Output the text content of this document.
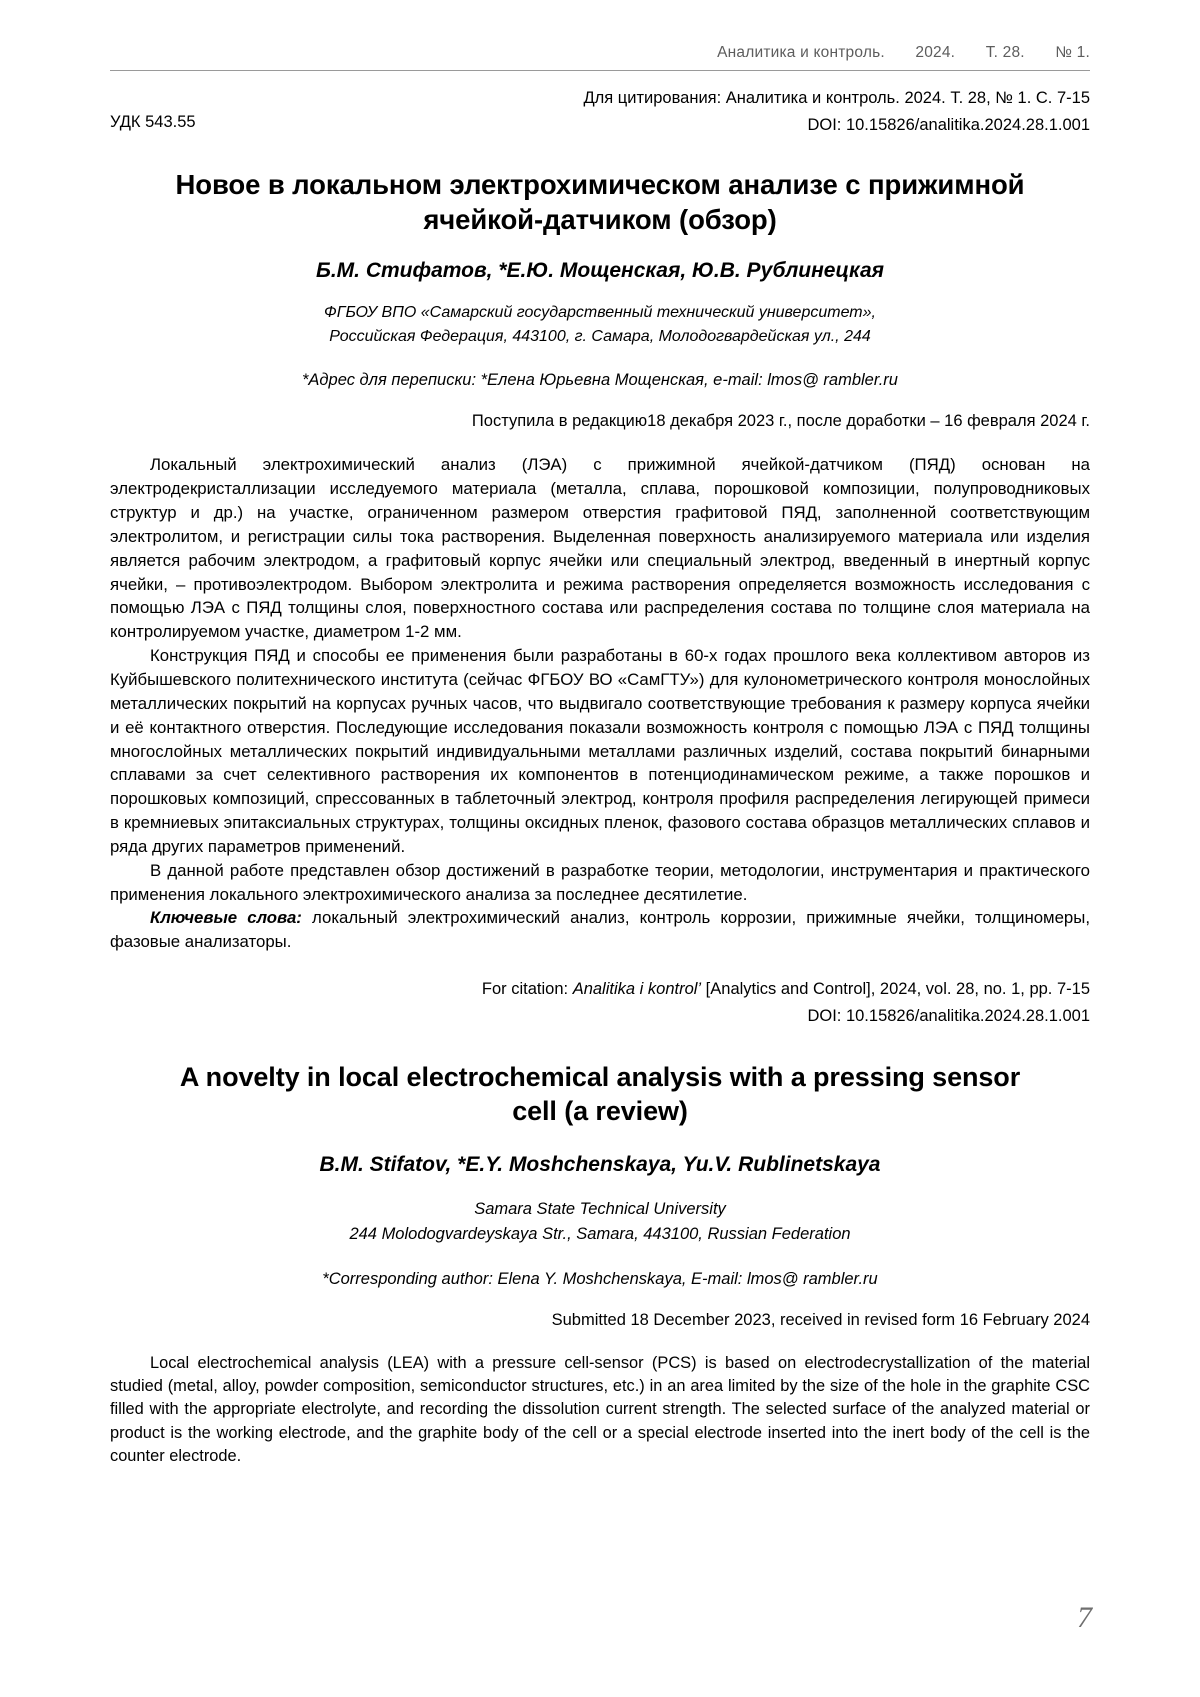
Аналитика и контроль. 2024. Т. 28. № 1.
УДК 543.55
Для цитирования: Аналитика и контроль. 2024. Т. 28, № 1. С. 7-15
DOI: 10.15826/analitika.2024.28.1.001
Новое в локальном электрохимическом анализе с прижимной ячейкой-датчиком (обзор)
Б.М. Стифатов, *Е.Ю. Мощенская, Ю.В. Рублинецкая
ФГБОУ ВПО «Самарский государственный технический университет»,
Российская Федерация, 443100, г. Самара, Молодогвардейская ул., 244
*Адрес для переписки: *Елена Юрьевна Мощенская, e-mail: lmos@ rambler.ru
Поступила в редакцию18 декабря 2023 г., после доработки – 16 февраля 2024 г.

Локальный электрохимический анализ (ЛЭА) с прижимной ячейкой-датчиком (ПЯД) основан на электродекристаллизации исследуемого материала (металла, сплава, порошковой композиции, полупроводниковых структур и др.) на участке, ограниченном размером отверстия графитовой ПЯД, заполненной соответствующим электролитом, и регистрации силы тока растворения. Выделенная поверхность анализируемого материала или изделия является рабочим электродом, а графитовый корпус ячейки или специальный электрод, введенный в инертный корпус ячейки, – противоэлектродом. Выбором электролита и режима растворения определяется возможность исследования с помощью ЛЭА с ПЯД толщины слоя, поверхностного состава или распределения состава по толщине слоя материала на контролируемом участке, диаметром 1-2 мм.

Конструкция ПЯД и способы ее применения были разработаны в 60-х годах прошлого века коллективом авторов из Куйбышевского политехнического института (сейчас ФГБОУ ВО «СамГТУ») для кулонометрического контроля монослойных металлических покрытий на корпусах ручных часов, что выдвигало соответствующие требования к размеру корпуса ячейки и её контактного отверстия. Последующие исследования показали возможность контроля с помощью ЛЭА с ПЯД толщины многослойных металлических покрытий индивидуальными металлами различных изделий, состава покрытий бинарными сплавами за счет селективного растворения их компонентов в потенциодинамическом режиме, а также порошков и порошковых композиций, спрессованных в таблеточный электрод, контроля профиля распределения легирующей примеси в кремниевых эпитаксиальных структурах, толщины оксидных пленок, фазового состава образцов металлических сплавов и ряда других параметров применений.

В данной работе представлен обзор достижений в разработке теории, методологии, инструментария и практического применения локального электрохимического анализа за последнее десятилетие.

Ключевые слова: локальный электрохимический анализ, контроль коррозии, прижимные ячейки, толщиномеры, фазовые анализаторы.

For citation: Analitika i kontrol’ [Analytics and Control], 2024, vol. 28, no. 1, pp. 7-15
DOI: 10.15826/analitika.2024.28.1.001
A novelty in local electrochemical analysis with a pressing sensor cell (a review)
B.M. Stifatov, *E.Y. Moshchenskaya, Yu.V. Rublinetskaya
Samara State Technical University
244 Molodogvardeyskaya Str., Samara, 443100, Russian Federation
*Corresponding author: Elena Y. Moshchenskaya, E-mail: lmos@ rambler.ru
Submitted 18 December 2023, received in revised form 16 February 2024

Local electrochemical analysis (LEA) with a pressure cell-sensor (PCS) is based on electrodecrystallization of the material studied (metal, alloy, powder composition, semiconductor structures, etc.) in an area limited by the size of the hole in the graphite CSC filled with the appropriate electrolyte, and recording the dissolution current strength. The selected surface of the analyzed material or product is the working electrode, and the graphite body of the cell or a special electrode inserted into the inert body of the cell is the counter electrode.

7
